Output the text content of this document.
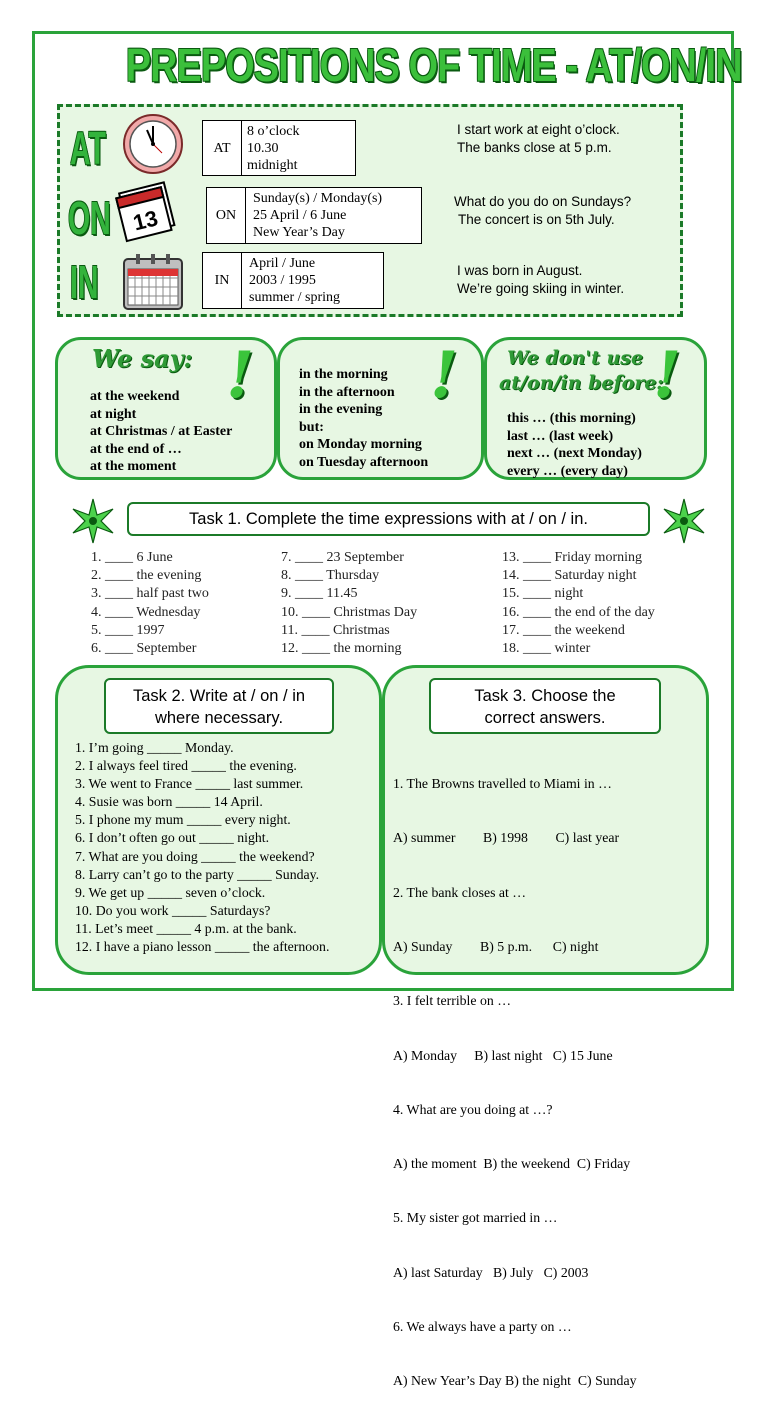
PREPOSITIONS OF TIME - AT/ON/IN
AT	AT
8 o’clock
10.30
midnight
I start work at eight o’clock.
The banks close at 5 p.m.
ON 13	ON
Sunday(s) / Monday(s)
25 April / 6 June
New Year’s Day
What do you do on Sundays?
The concert is on 5th July.
IN	IN
April / June
2003 / 1995
summer / spring
I was born in August.
We’re going skiing in winter.
We say: !
at the weekend
at night
at Christmas / at Easter
at the end of …
at the moment
!
in the morning
in the afternoon
in the evening
but:
on Monday morning
on Tuesday afternoon
We don't use
at/on/in before:
!
this … (this morning)
last … (last week)
next … (next Monday)
every … (every day)
Task 1. Complete the time expressions with at / on / in.
1. ____ 6 June
2. ____ the evening
3. ____ half past two
4. ____ Wednesday
5. ____ 1997
6. ____ September
7. ____ 23 September
8. ____ Thursday
9. ____ 11.45
10. ____ Christmas Day
11. ____ Christmas
12. ____ the morning
13. ____ Friday morning
14. ____ Saturday night
15. ____ night
16. ____ the end of the day
17. ____ the weekend
18. ____ winter
Task 2. Write at / on / in
where necessary.
1. I’m going _____ Monday.
2. I always feel tired _____ the evening.
3. We went to France _____ last summer.
4. Susie was born _____ 14 April.
5. I phone my mum _____ every night.
6. I don’t often go out _____ night.
7. What are you doing _____ the weekend?
8. Larry can’t go to the party _____ Sunday.
9. We get up _____ seven o’clock.
10. Do you work _____ Saturdays?
11. Let’s meet _____ 4 p.m. at the bank.
12. I have a piano lesson _____ the afternoon.
Task 3. Choose the
correct answers.

1. The Browns travelled to Miami in …

A) summer        B) 1998        C) last year

2. The bank closes at …

A) Sunday        B) 5 p.m.      C) night

3. I felt terrible on …

A) Monday     B) last night   C) 15 June

4. What are you doing at …?

A) the moment  B) the weekend  C) Friday

5. My sister got married in …

A) last Saturday   B) July   C) 2003

6. We always have a party on …

A) New Year’s Day B) the night  C) Sunday
